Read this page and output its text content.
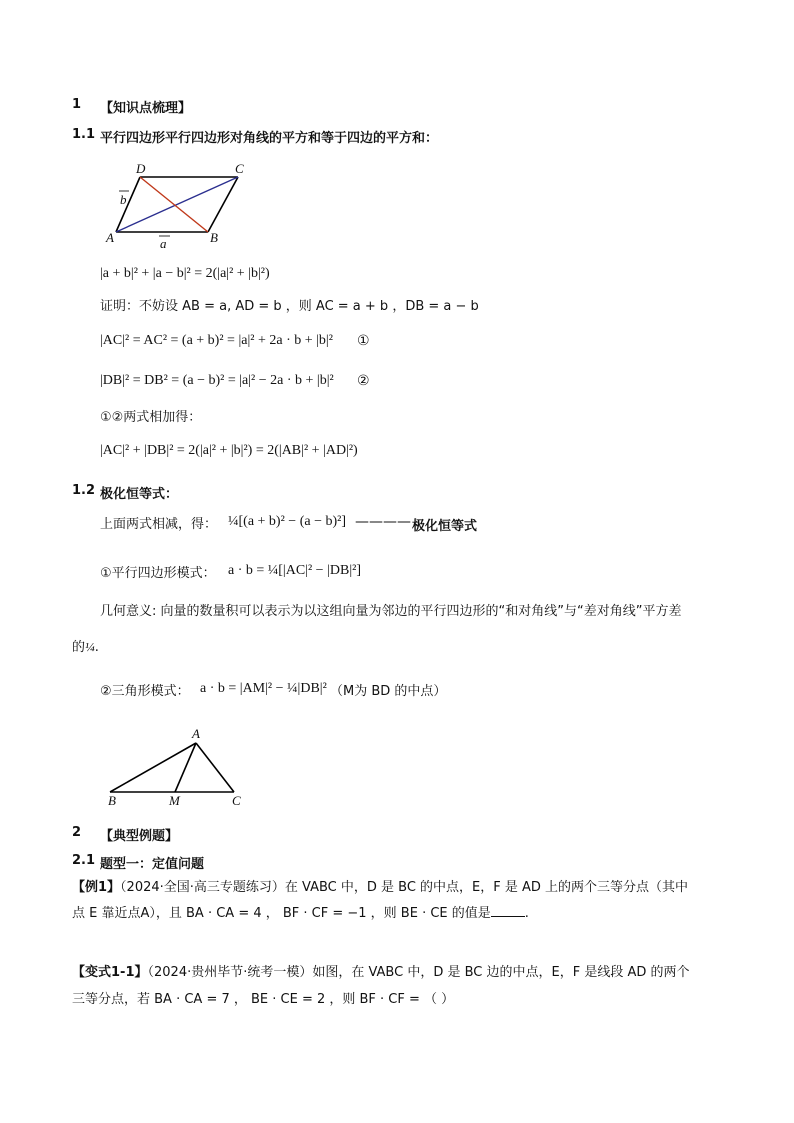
1 【知识点梳理】
1.1 平行四边形平行四边形对角线的平方和等于四边的平方和：
D	C
A	B
a
b
|a + b|² + |a − b|² = 2(|a|² + |b|²)
证明：不妨设 AB = a, AD = b ，则 AC = a + b ，DB = a − b
|AC|² = AC² = (a + b)² = |a|² + 2a · b + |b|² ①
|DB|² = DB² = (a − b)² = |a|² − 2a · b + |b|² ②
①②两式相加得：
|AC|² + |DB|² = 2(|a|² + |b|²) = 2(|AB|² + |AD|²)
1.2 极化恒等式：
上面两式相减，得： ¼[(a + b)² − (a − b)²] ———— 极化恒等式
①平行四边形模式： a · b = ¼[|AC|² − |DB|²]
几何意义: 向量的数量积可以表示为以这组向量为邻边的平行四边形的“和对角线”与“差对角线”平方差
的¼.
②三角形模式： a · b = |AM|² − ¼|DB|² （M为 BD 的中点）
A
B	M	C
2 【典型例题】
2.1 题型一：定值问题
【例1】（2024·全国·高三专题练习）在 VABC 中，D 是 BC 的中点，E，F 是 AD 上的两个三等分点（其中
点 E 靠近点A），且 BA · CA = 4 ， BF · CF = −1 ，则 BE · CE 的值是	.
【变式1-1】（2024·贵州毕节·统考一模）如图，在 VABC 中，D 是 BC 边的中点，E，F 是线段 AD 的两个
三等分点，若 BA · CA = 7 ， BE · CE = 2 ，则 BF · CF = （ ）
